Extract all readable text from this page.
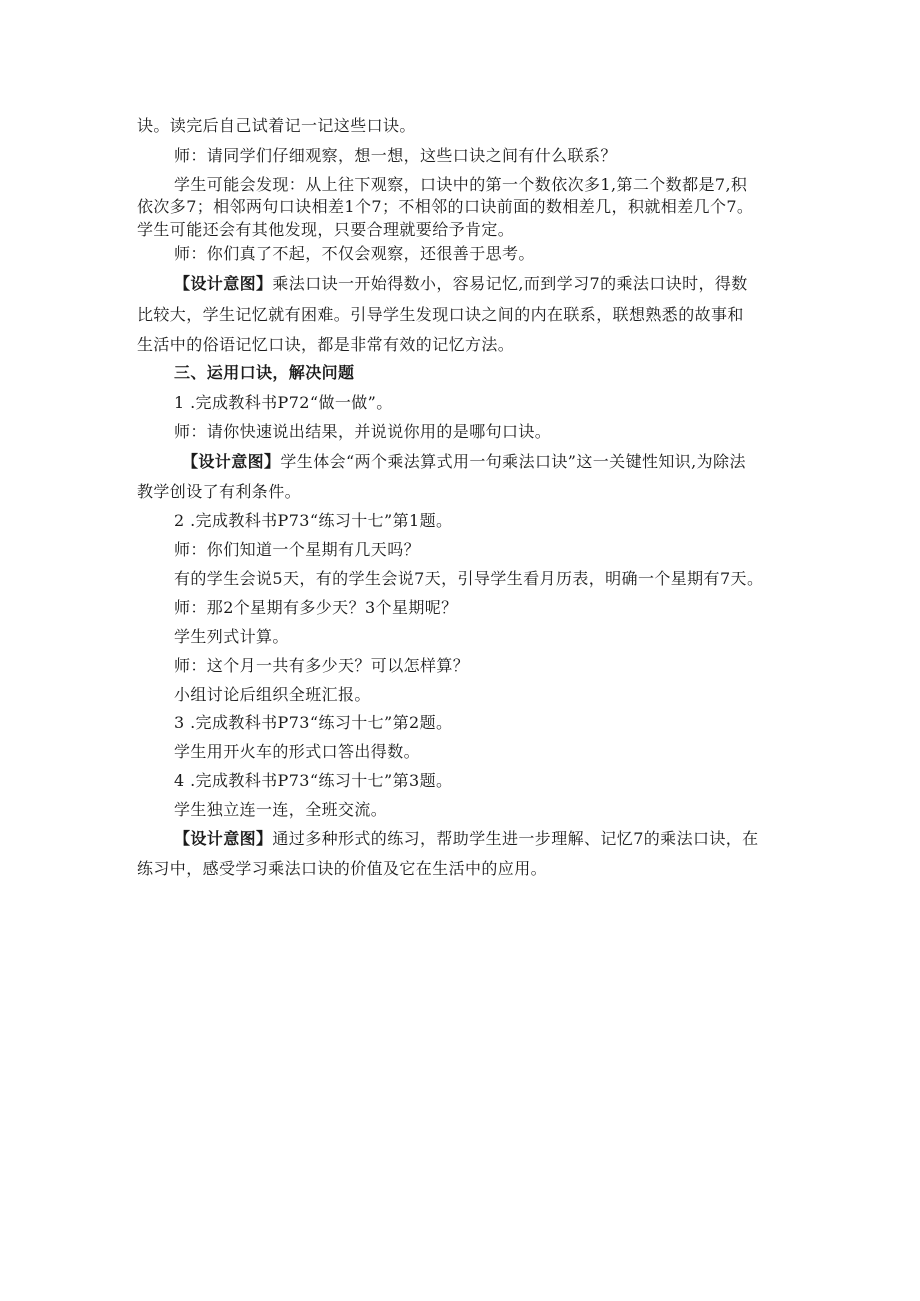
诀。读完后自己试着记一记这些口诀。
师：请同学们仔细观察，想一想，这些口诀之间有什么联系？
学生可能会发现：从上往下观察，口诀中的第一个数依次多1,第二个数都是7,积
依次多7；相邻两句口诀相差1个7；不相邻的口诀前面的数相差几，积就相差几个7。
学生可能还会有其他发现，只要合理就要给予肯定。
师：你们真了不起，不仅会观察，还很善于思考。
【设计意图】乘法口诀一开始得数小，容易记忆,而到学习7的乘法口诀时，得数
比较大，学生记忆就有困难。引导学生发现口诀之间的内在联系，联想熟悉的故事和
生活中的俗语记忆口诀，都是非常有效的记忆方法。
三、运用口诀，解决问题
1 .完成教科书P72“做一做”。
师：请你快速说出结果，并说说你用的是哪句口诀。
【设计意图】学生体会“两个乘法算式用一句乘法口诀”这一关键性知识,为除法
教学创设了有利条件。
2 .完成教科书P73“练习十七”第1题。
师：你们知道一个星期有几天吗？
有的学生会说5天，有的学生会说7天，引导学生看月历表，明确一个星期有7天。
师：那2个星期有多少天？3个星期呢？
学生列式计算。
师：这个月一共有多少天？可以怎样算？
小组讨论后组织全班汇报。
3 .完成教科书P73“练习十七”第2题。
学生用开火车的形式口答出得数。
4 .完成教科书P73“练习十七”第3题。
学生独立连一连，全班交流。
【设计意图】通过多种形式的练习，帮助学生进一步理解、记忆7的乘法口诀，在
练习中，感受学习乘法口诀的价值及它在生活中的应用。
